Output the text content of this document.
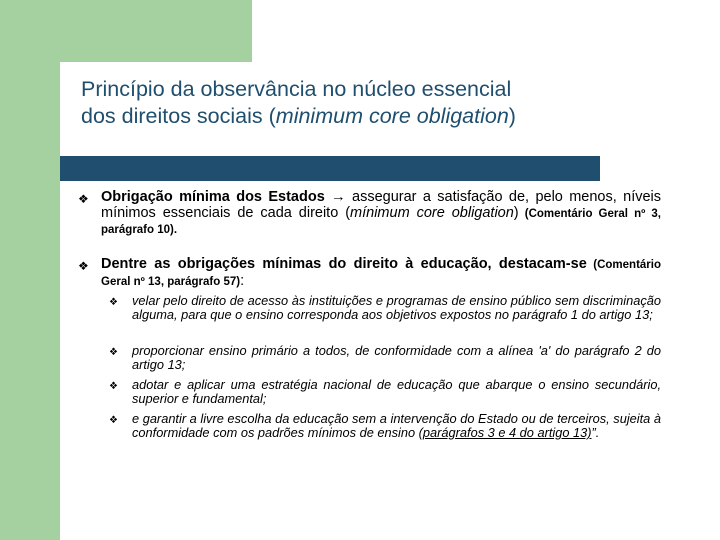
Princípio da observância no núcleo essencial
dos direitos sociais (minimum core obligation)
❖ Obrigação mínima dos Estados → assegurar a satisfação de, pelo menos, níveis mínimos essenciais de cada direito (mínimum core obligation) (Comentário Geral nº 3, parágrafo 10).
❖ Dentre as obrigações mínimas do direito à educação, destacam-se (Comentário Geral nº 13, parágrafo 57):
❖ velar pelo direito de acesso às instituições e programas de ensino público sem discriminação alguma, para que o ensino corresponda aos objetivos expostos no parágrafo 1 do artigo 13;
❖ proporcionar ensino primário a todos, de conformidade com a alínea 'a' do parágrafo 2 do artigo 13;
❖ adotar e aplicar uma estratégia nacional de educação que abarque o ensino secundário, superior e fundamental;
❖ e garantir a livre escolha da educação sem a intervenção do Estado ou de terceiros, sujeita à conformidade com os padrões mínimos de ensino (parágrafos 3 e 4 do artigo 13)”.
